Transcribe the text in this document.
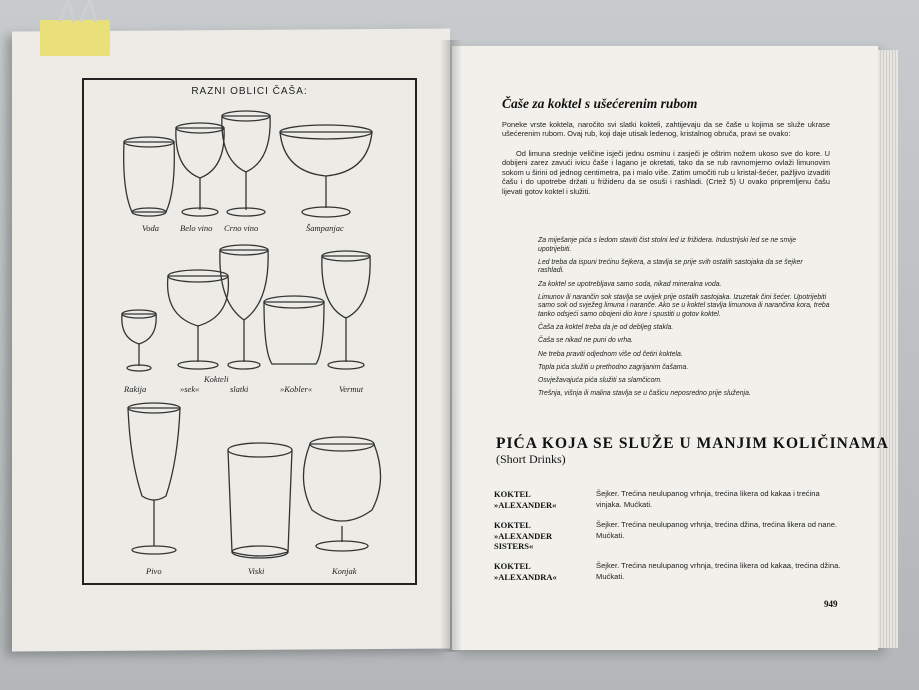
RAZNI OBLICI ČAŠA:
Voda Belo vino Crno vino	Šampanjac
Rakija	»sek«
Kokteli
slatki	»Kobler«	Vermut
Pivo	Viski	Konjak
Čaše za koktel s ušećerenim rubom

Poneke vrste koktela, naročito svi slatki kokteli, zahtijevaju da se čaše u kojima se služe ukrase ušećerenim rubom. Ovaj rub, koji daje utisak ledenog, kristalnog obruča, pravi se ovako:

Od limuna srednje veličine isječi jednu osminu i zasječi je oštrim nožem ukoso sve do kore. U dobijeni zarez zavući ivicu čaše i lagano je okretati, tako da se rub ravnomjerno ovlaži limunovim sokom u širini od jednog centimetra, pa i malo više. Zatim umočiti rub u kristal-šećer, pažljivo izvaditi čašu i do upotrebe držati u frižideru da se osuši i rashladi. (Crtež 5) U ovako pripremljenu čašu lijevati gotov koktel i služiti.

Za miješanje pića s ledom staviti čist stolni led iz frižidera. Industrijski led se ne smije upotrijebiti.
Led treba da ispuni trećinu šejkera, a stavlja se prije svih ostalih sastojaka da se šejker rashladi.
Za koktel se upotrebljava samo soda, nikad mineralna voda.
Limunov ili narančin sok stavlja se uvijek prije ostalih sastojaka. Izuzetak čini šećer. Upotrijebiti samo sok od svježeg limuna i naranče. Ako se u koktel stavlja limunova ili narančina kora, treba tanko odsjeći samo obojeni dio kore i spustiti u gotov koktel.
Čaša za koktel treba da je od debljeg stakla.
Čaša se nikad ne puni do vrha.
Ne treba praviti odjednom više od četiri koktela.
Topla pića služiti u prethodno zagrijanim čašama.
Osvježavajuća pića služiti sa slamčicom.
Trešnja, višnja ili malina stavlja se u čašicu neposredno prije služenja.
PIĆA KOJA SE SLUŽE U MANJIM KOLIČINAMA
(Short Drinks)
KOKTEL
»ALEXANDER«
Šejker. Trećina neulupanog vrhnja, trećina likera od kakaa i trećina vinjaka. Mućkati.
KOKTEL
»ALEXANDER
SISTERS«
Šejker. Trećina neulupanog vrhnja, trećina džina, trećina likera od nane. Mućkati.
KOKTEL
»ALEXANDRA«
Šejker. Trećina neulupanog vrhnja, trećina likera od kakaa, trećina džina. Mućkati.
949
